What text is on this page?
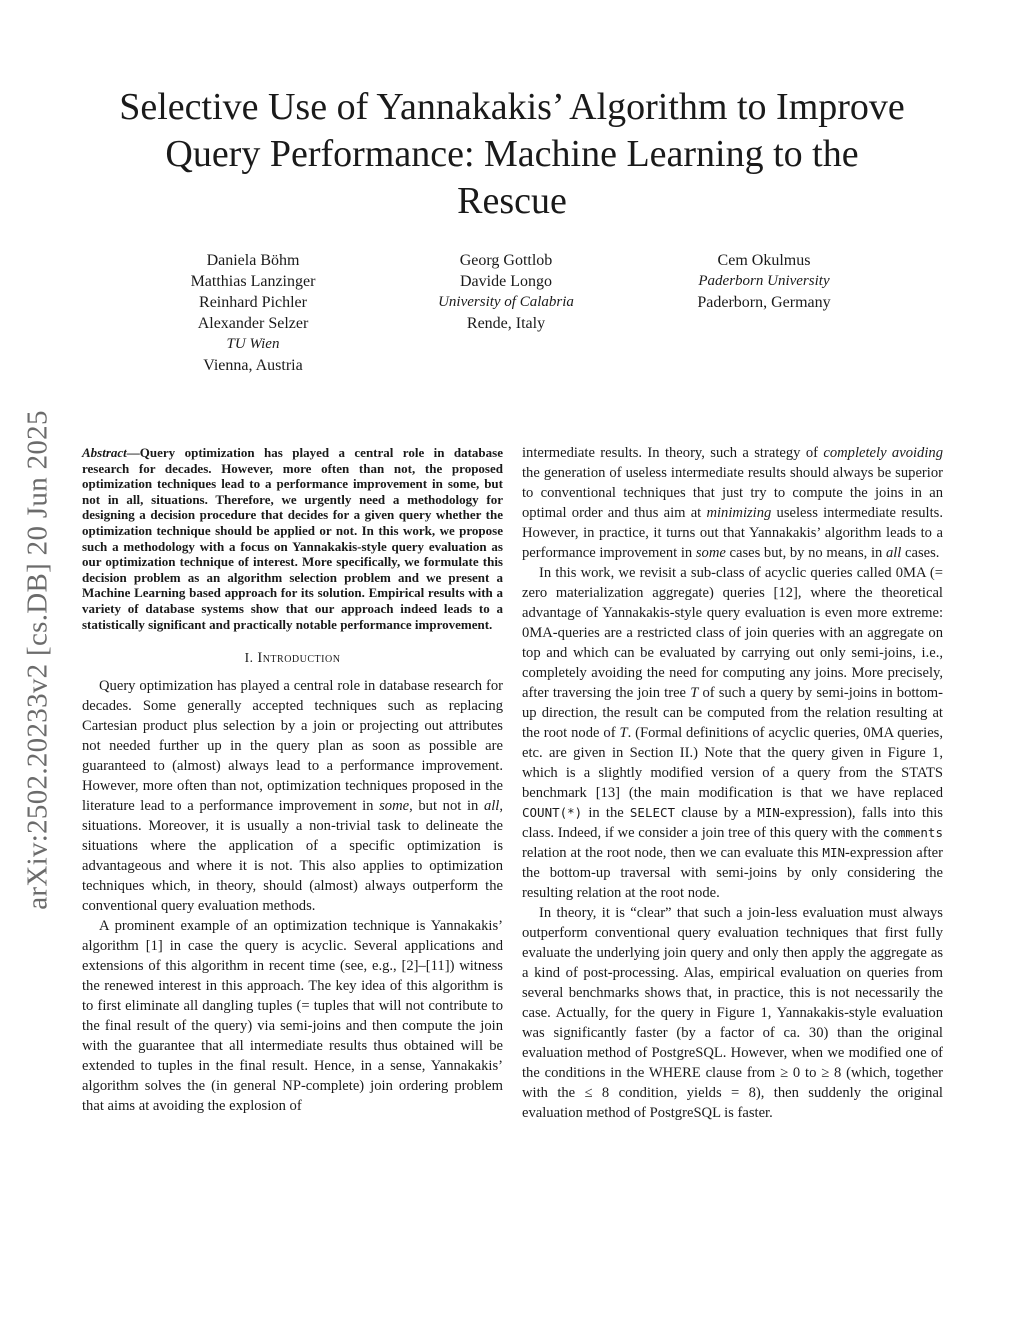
arXiv:2502.20233v2 [cs.DB] 20 Jun 2025
Selective Use of Yannakakis’ Algorithm to Improve
Query Performance: Machine Learning to the
Rescue
Daniela Böhm
Matthias Lanzinger
Reinhard Pichler
Alexander Selzer
TU Wien
Vienna, Austria
Georg Gottlob
Davide Longo
University of Calabria
Rende, Italy
Cem Okulmus
Paderborn University
Paderborn, Germany

Abstract—Query optimization has played a central role in database research for decades. However, more often than not, the proposed optimization techniques lead to a performance improvement in some, but not in all, situations. Therefore, we urgently need a methodology for designing a decision procedure that decides for a given query whether the optimization technique should be applied or not. In this work, we propose such a methodology with a focus on Yannakakis-style query evaluation as our optimization technique of interest. More specifically, we formulate this decision problem as an algorithm selection problem and we present a Machine Learning based approach for its solution. Empirical results with a variety of database systems show that our approach indeed leads to a statistically significant and practically notable performance improvement.

I. Introduction

Query optimization has played a central role in database research for decades. Some generally accepted techniques such as replacing Cartesian product plus selection by a join or projecting out attributes not needed further up in the query plan as soon as possible are guaranteed to (almost) always lead to a performance improvement. However, more often than not, optimization techniques proposed in the literature lead to a performance improvement in some, but not in all, situations. Moreover, it is usually a non-trivial task to delineate the situations where the application of a specific optimization is advantageous and where it is not. This also applies to optimization techniques which, in theory, should (almost) always outperform the conventional query evaluation methods.

A prominent example of an optimization technique is Yannakakis’ algorithm [1] in case the query is acyclic. Several applications and extensions of this algorithm in recent time (see, e.g., [2]–[11]) witness the renewed interest in this approach. The key idea of this algorithm is to first eliminate all dangling tuples (= tuples that will not contribute to the final result of the query) via semi-joins and then compute the join with the guarantee that all intermediate results thus obtained will be extended to tuples in the final result. Hence, in a sense, Yannakakis’ algorithm solves the (in general NP-complete) join ordering problem that aims at avoiding the explosion of

intermediate results. In theory, such a strategy of completely avoiding the generation of useless intermediate results should always be superior to conventional techniques that just try to compute the joins in an optimal order and thus aim at minimizing useless intermediate results. However, in practice, it turns out that Yannakakis’ algorithm leads to a performance improvement in some cases but, by no means, in all cases.

In this work, we revisit a sub-class of acyclic queries called 0MA (= zero materialization aggregate) queries [12], where the theoretical advantage of Yannakakis-style query evaluation is even more extreme: 0MA-queries are a restricted class of join queries with an aggregate on top and which can be evaluated by carrying out only semi-joins, i.e., completely avoiding the need for computing any joins. More precisely, after traversing the join tree T of such a query by semi-joins in bottom-up direction, the result can be computed from the relation resulting at the root node of T. (Formal definitions of acyclic queries, 0MA queries, etc. are given in Section II.) Note that the query given in Figure 1, which is a slightly modified version of a query from the STATS benchmark [13] (the main modification is that we have replaced COUNT(*) in the SELECT clause by a MIN-expression), falls into this class. Indeed, if we consider a join tree of this query with the comments relation at the root node, then we can evaluate this MIN-expression after the bottom-up traversal with semi-joins by only considering the resulting relation at the root node.

In theory, it is “clear” that such a join-less evaluation must always outperform conventional query evaluation techniques that first fully evaluate the underlying join query and only then apply the aggregate as a kind of post-processing. Alas, empirical evaluation on queries from several benchmarks shows that, in practice, this is not necessarily the case. Actually, for the query in Figure 1, Yannakakis-style evaluation was significantly faster (by a factor of ca. 30) than the original evaluation method of PostgreSQL. However, when we modified one of the conditions in the WHERE clause from ≥ 0 to ≥ 8 (which, together with the ≤ 8 condition, yields = 8), then suddenly the original evaluation method of PostgreSQL is faster.
